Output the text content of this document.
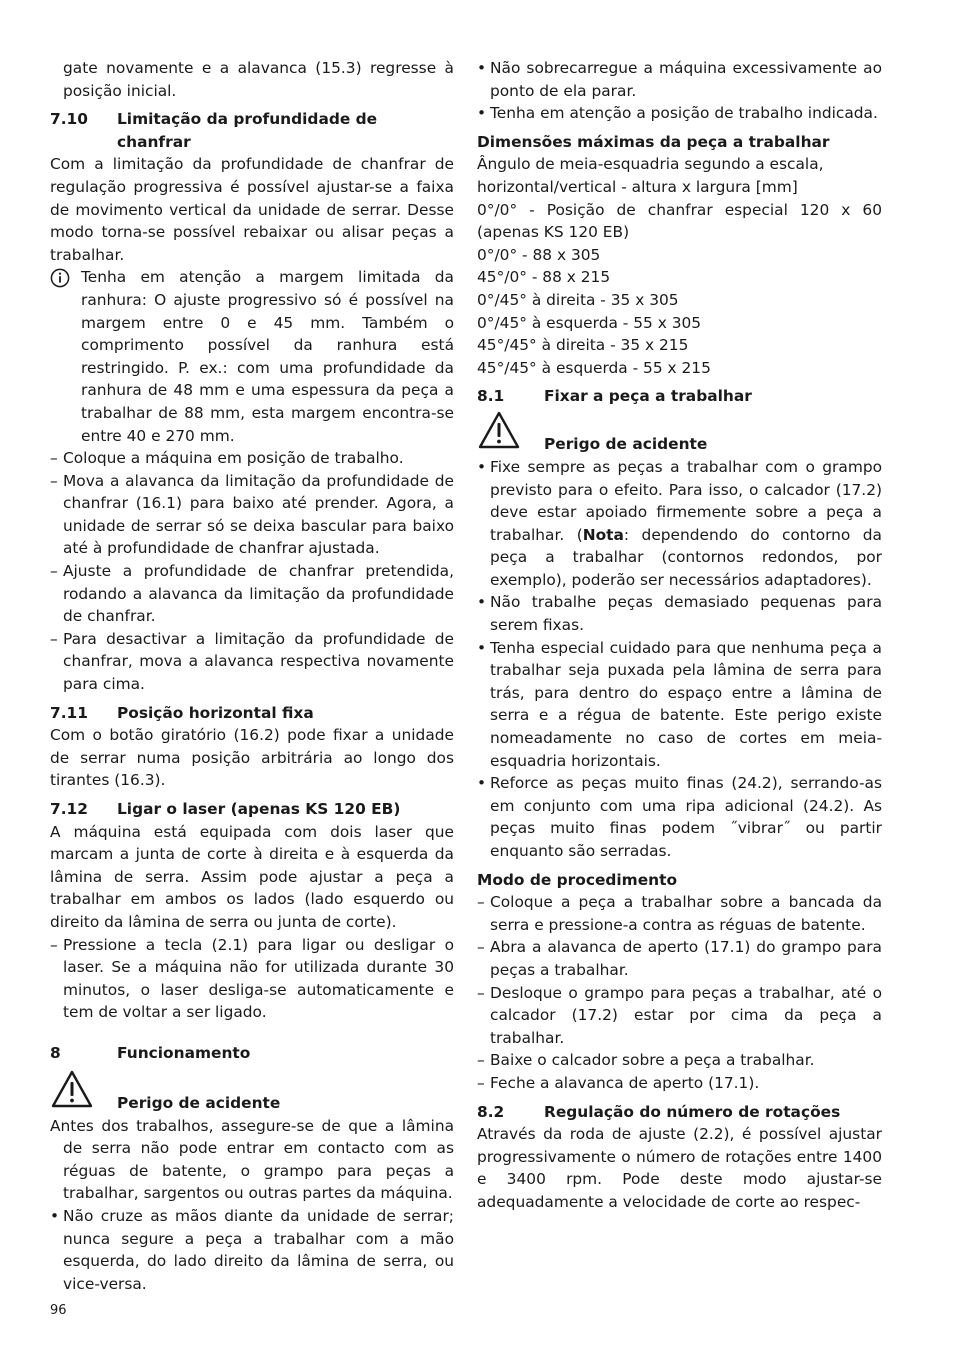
gate novamente e a alavanca (15.3) regresse à posição inicial.

7.10	Limitação da profundidade de chanfrar

Com a limitação da profundidade de chanfrar de regulação progressiva é possível ajustar-se a faixa de movimento vertical da unidade de serrar. Desse modo torna-se possível rebaixar ou alisar peças a trabalhar.

Tenha em atenção a margem limitada da ranhura: O ajuste progressivo só é possível na margem entre 0 e 45 mm. Também o comprimento possível da ranhura está restringido. P. ex.: com uma profundidade da ranhura de 48 mm e uma espessura da peça a trabalhar de 88 mm, esta margem encontra-se entre 40 e 270 mm.

– Coloque a máquina em posição de trabalho.

– Mova a alavanca da limitação da profundidade de chanfrar (16.1) para baixo até prender. Agora, a unidade de serrar só se deixa bascular para baixo até à profundidade de chanfrar ajustada.

– Ajuste a profundidade de chanfrar pretendida, rodando a alavanca da limitação da profundidade de chanfrar.

– Para desactivar a limitação da profundidade de chanfrar, mova a alavanca respectiva novamente para cima.

7.11	Posição horizontal fixa

Com o botão giratório (16.2) pode fixar a unidade de serrar numa posição arbitrária ao longo dos tirantes (16.3).

7.12	Ligar o laser (apenas KS 120 EB)

A máquina está equipada com dois laser que marcam a junta de corte à direita e à esquerda da lâmina de serra. Assim pode ajustar a peça a trabalhar em ambos os lados (lado esquerdo ou direito da lâmina de serra ou junta de corte).

– Pressione a tecla (2.1) para ligar ou desligar o laser. Se a máquina não for utilizada durante 30 minutos, o laser desliga-se automaticamente e tem de voltar a ser ligado.

8	Funcionamento
Perigo de acidente

Antes dos trabalhos, assegure-se de que a lâmina de serra não pode entrar em contacto com as réguas de batente, o grampo para peças a trabalhar, sargentos ou outras partes da máquina.

• Não cruze as mãos diante da unidade de serrar; nunca segure a peça a trabalhar com a mão esquerda, do lado direito da lâmina de serra, ou vice-versa.

• Não sobrecarregue a máquina excessivamente ao ponto de ela parar.

• Tenha em atenção a posição de trabalho indicada.

Dimensões máximas da peça a trabalhar

Ângulo de meia-esquadria segundo a escala, horizontal/vertical - altura x largura [mm]

0°/0° - Posição de chanfrar especial 120 x 60 (apenas KS 120 EB)

0°/0° - 88 x 305

45°/0° - 88 x 215

0°/45° à direita - 35 x 305

0°/45° à esquerda - 55 x 305

45°/45° à direita - 35 x 215

45°/45° à esquerda - 55 x 215

8.1	Fixar a peça a trabalhar
Perigo de acidente

• Fixe sempre as peças a trabalhar com o grampo previsto para o efeito. Para isso, o calcador (17.2) deve estar apoiado firmemente sobre a peça a trabalhar. (Nota: dependendo do contorno da peça a trabalhar (contornos redondos, por exemplo), poderão ser necessários adaptadores).

• Não trabalhe peças demasiado pequenas para serem fixas.

• Tenha especial cuidado para que nenhuma peça a trabalhar seja puxada pela lâmina de serra para trás, para dentro do espaço entre a lâmina de serra e a régua de batente. Este perigo existe nomeadamente no caso de cortes em meia-esquadria horizontais.

• Reforce as peças muito finas (24.2), serrando-as em conjunto com uma ripa adicional (24.2). As peças muito finas podem ˝vibrar˝ ou partir enquanto são serradas.

Modo de procedimento

– Coloque a peça a trabalhar sobre a bancada da serra e pressione-a contra as réguas de batente.

– Abra a alavanca de aperto (17.1) do grampo para peças a trabalhar.

– Desloque o grampo para peças a trabalhar, até o calcador (17.2) estar por cima da peça a trabalhar.

– Baixe o calcador sobre a peça a trabalhar.

– Feche a alavanca de aperto (17.1).

8.2	Regulação do número de rotações

Através da roda de ajuste (2.2), é possível ajustar progressivamente o número de rotações entre 1400 e 3400 rpm. Pode deste modo ajustar-se adequadamente a velocidade de corte ao respec-

96
